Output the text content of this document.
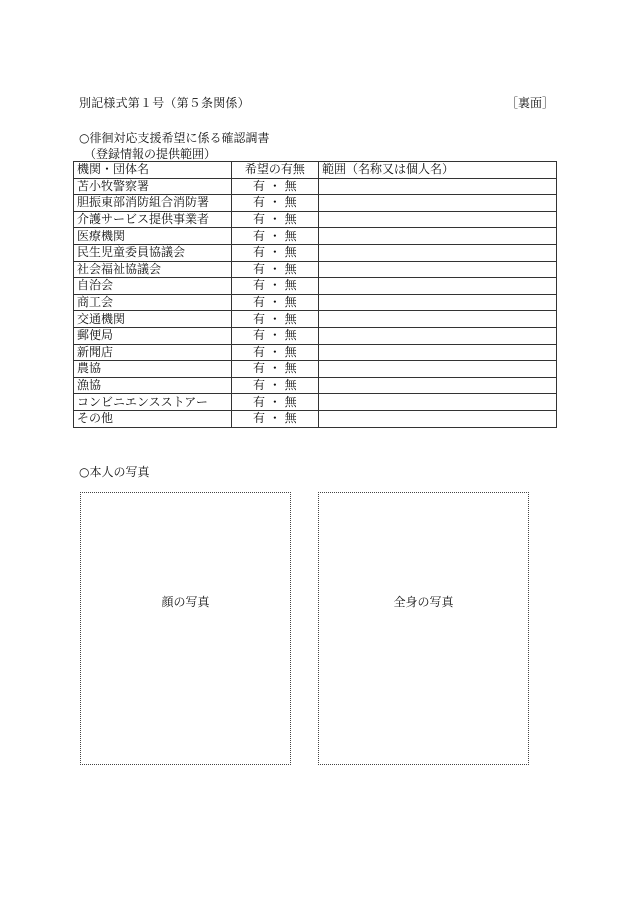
別記様式第１号（第５条関係）	［裏面］
○徘徊対応支援希望に係る確認調書
（登録情報の提供範囲）
機関・団体名	希望の有無	範囲（名称又は個人名）
苫小牧警察署	有 ・ 無	
胆振東部消防組合消防署	有 ・ 無	
介護サービス提供事業者	有 ・ 無	
医療機関	有 ・ 無	
民生児童委員協議会	有 ・ 無	
社会福祉協議会	有 ・ 無	
自治会	有 ・ 無	
商工会	有 ・ 無	
交通機関	有 ・ 無	
郵便局	有 ・ 無	
新聞店	有 ・ 無	
農協	有 ・ 無	
漁協	有 ・ 無	
コンビニエンスストアー	有 ・ 無	
その他	有 ・ 無	
○本人の写真
顔の写真	全身の写真
